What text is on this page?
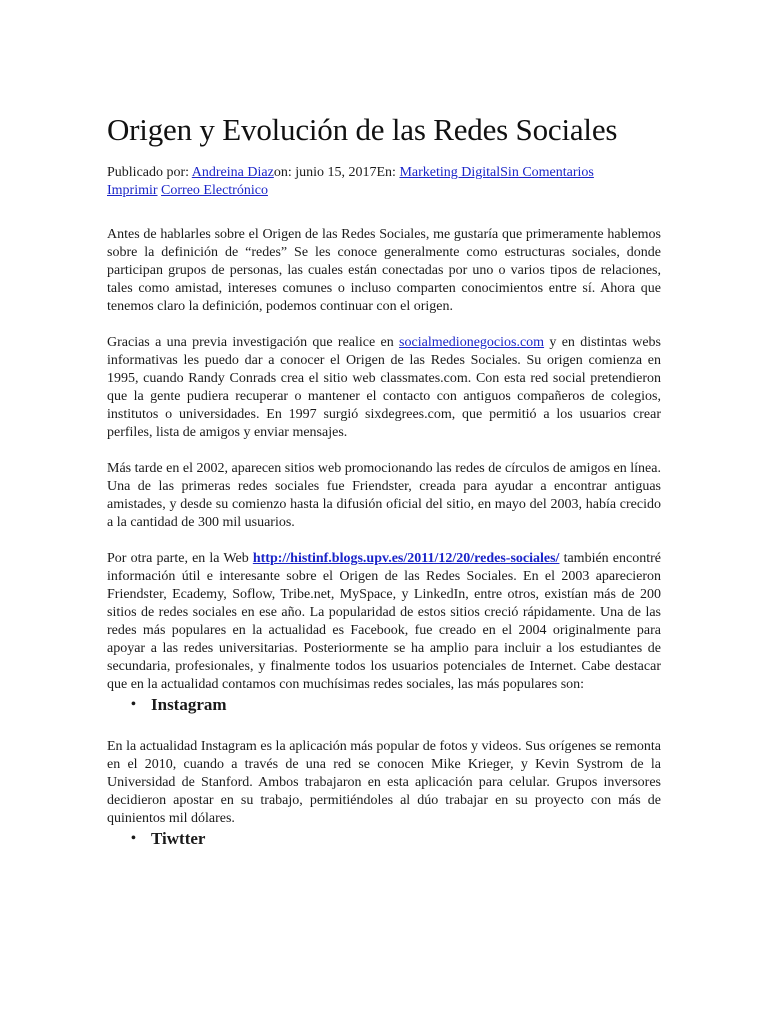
Origen y Evolución de las Redes Sociales
Publicado por: Andreina Diazon: junio 15, 2017En: Marketing DigitalSin Comentarios
Imprimir Correo Electrónico

Antes de hablarles sobre el Origen de las Redes Sociales, me gustaría que primeramente hablemos sobre la definición de “redes” Se les conoce generalmente como estructuras sociales, donde participan grupos de personas, las cuales están conectadas por uno o varios tipos de relaciones, tales como amistad, intereses comunes o incluso comparten conocimientos entre sí. Ahora que tenemos claro la definición, podemos continuar con el origen.

Gracias a una previa investigación que realice en socialmedionegocios.com y en distintas webs informativas les puedo dar a conocer el Origen de las Redes Sociales. Su origen comienza en 1995, cuando Randy Conrads crea el sitio web classmates.com. Con esta red social pretendieron que la gente pudiera recuperar o mantener el contacto con antiguos compañeros de colegios, institutos o universidades. En 1997 surgió sixdegrees.com, que permitió a los usuarios crear perfiles, lista de amigos y enviar mensajes.

Más tarde en el 2002, aparecen sitios web promocionando las redes de círculos de amigos en línea. Una de las primeras redes sociales fue Friendster, creada para ayudar a encontrar antiguas amistades, y desde su comienzo hasta la difusión oficial del sitio, en mayo del 2003, había crecido a la cantidad de 300 mil usuarios.

Por otra parte, en la Web http://histinf.blogs.upv.es/2011/12/20/redes-sociales/ también encontré información útil e interesante sobre el Origen de las Redes Sociales. En el 2003 aparecieron Friendster, Ecademy, Soflow, Tribe.net, MySpace, y LinkedIn, entre otros, existían más de 200 sitios de redes sociales en ese año. La popularidad de estos sitios creció rápidamente. Una de las redes más populares en la actualidad es Facebook, fue creado en el 2004 originalmente para apoyar a las redes universitarias. Posteriormente se ha amplio para incluir a los estudiantes de secundaria, profesionales, y finalmente todos los usuarios potenciales de Internet. Cabe destacar que en la actualidad contamos con muchísimas redes sociales, las más populares son:

• Instagram

En la actualidad Instagram es la aplicación más popular de fotos y videos. Sus orígenes se remonta en el 2010, cuando a través de una red se conocen Mike Krieger, y Kevin Systrom de la Universidad de Stanford. Ambos trabajaron en esta aplicación para celular. Grupos inversores decidieron apostar en su trabajo, permitiéndoles al dúo trabajar en su proyecto con más de quinientos mil dólares.

• Tiwtter
